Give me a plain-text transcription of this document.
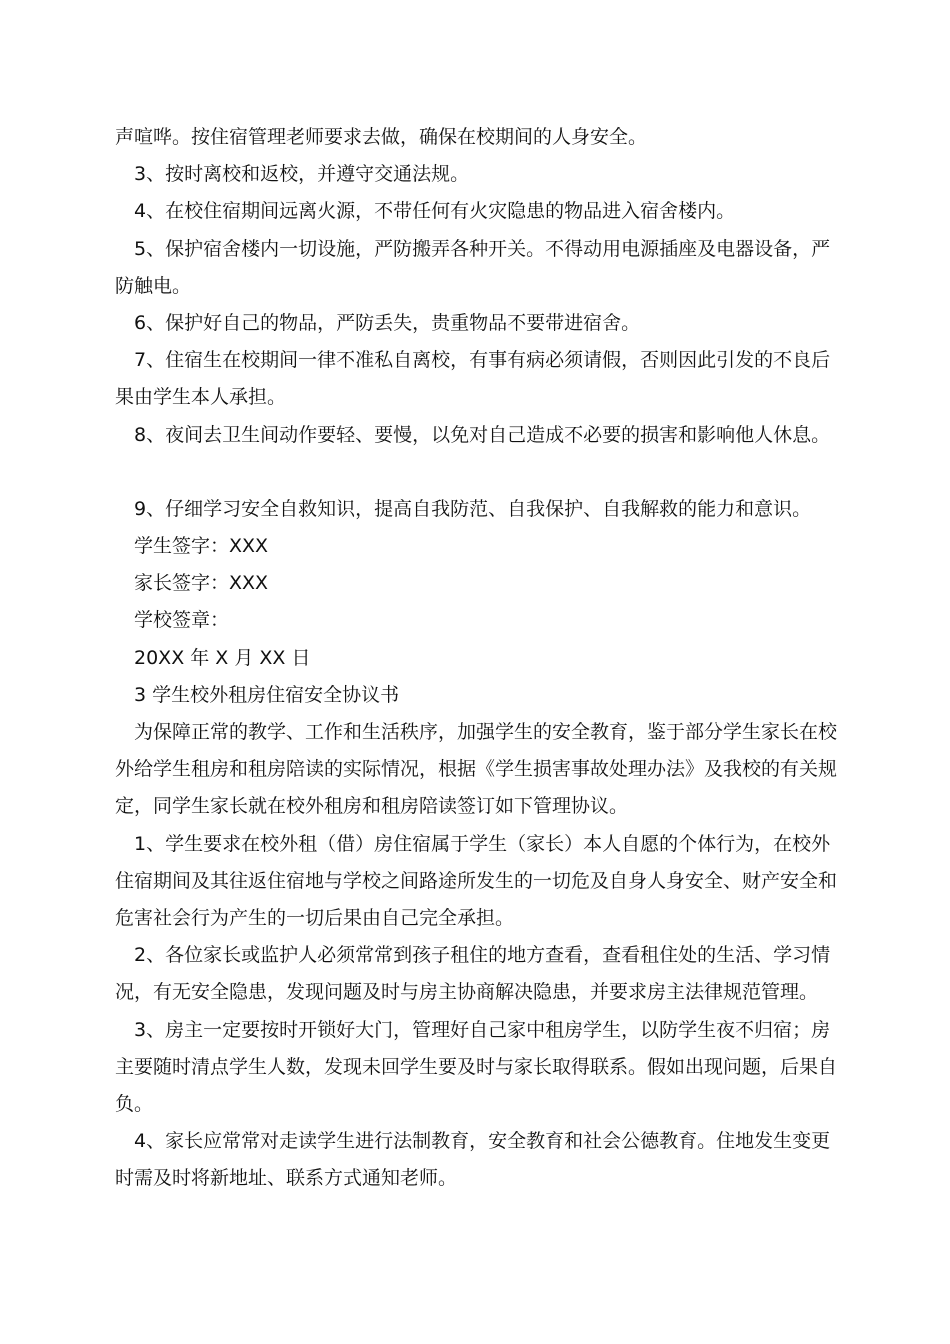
声喧哗。按住宿管理老师要求去做，确保在校期间的人身安全。

3、按时离校和返校，并遵守交通法规。

4、在校住宿期间远离火源，不带任何有火灾隐患的物品进入宿舍楼内。

5、保护宿舍楼内一切设施，严防搬弄各种开关。不得动用电源插座及电器设备，严防触电。

6、保护好自己的物品，严防丢失，贵重物品不要带进宿舍。

7、住宿生在校期间一律不准私自离校，有事有病必须请假，否则因此引发的不良后果由学生本人承担。

8、夜间去卫生间动作要轻、要慢，以免对自己造成不必要的损害和影响他人休息。

9、仔细学习安全自救知识，提高自我防范、自我保护、自我解救的能力和意识。

学生签字：XXX

家长签字：XXX

学校签章：

20XX 年 X 月 XX 日

3 学生校外租房住宿安全协议书

为保障正常的教学、工作和生活秩序，加强学生的安全教育，鉴于部分学生家长在校外给学生租房和租房陪读的实际情况，根据《学生损害事故处理办法》及我校的有关规定，同学生家长就在校外租房和租房陪读签订如下管理协议。

1、学生要求在校外租（借）房住宿属于学生（家长）本人自愿的个体行为，在校外住宿期间及其往返住宿地与学校之间路途所发生的一切危及自身人身安全、财产安全和危害社会行为产生的一切后果由自己完全承担。

2、各位家长或监护人必须常常到孩子租住的地方查看，查看租住处的生活、学习情况，有无安全隐患，发现问题及时与房主协商解决隐患，并要求房主法律规范管理。

3、房主一定要按时开锁好大门，管理好自己家中租房学生，以防学生夜不归宿；房主要随时清点学生人数，发现未回学生要及时与家长取得联系。假如出现问题，后果自负。

4、家长应常常对走读学生进行法制教育，安全教育和社会公德教育。住地发生变更时需及时将新地址、联系方式通知老师。
